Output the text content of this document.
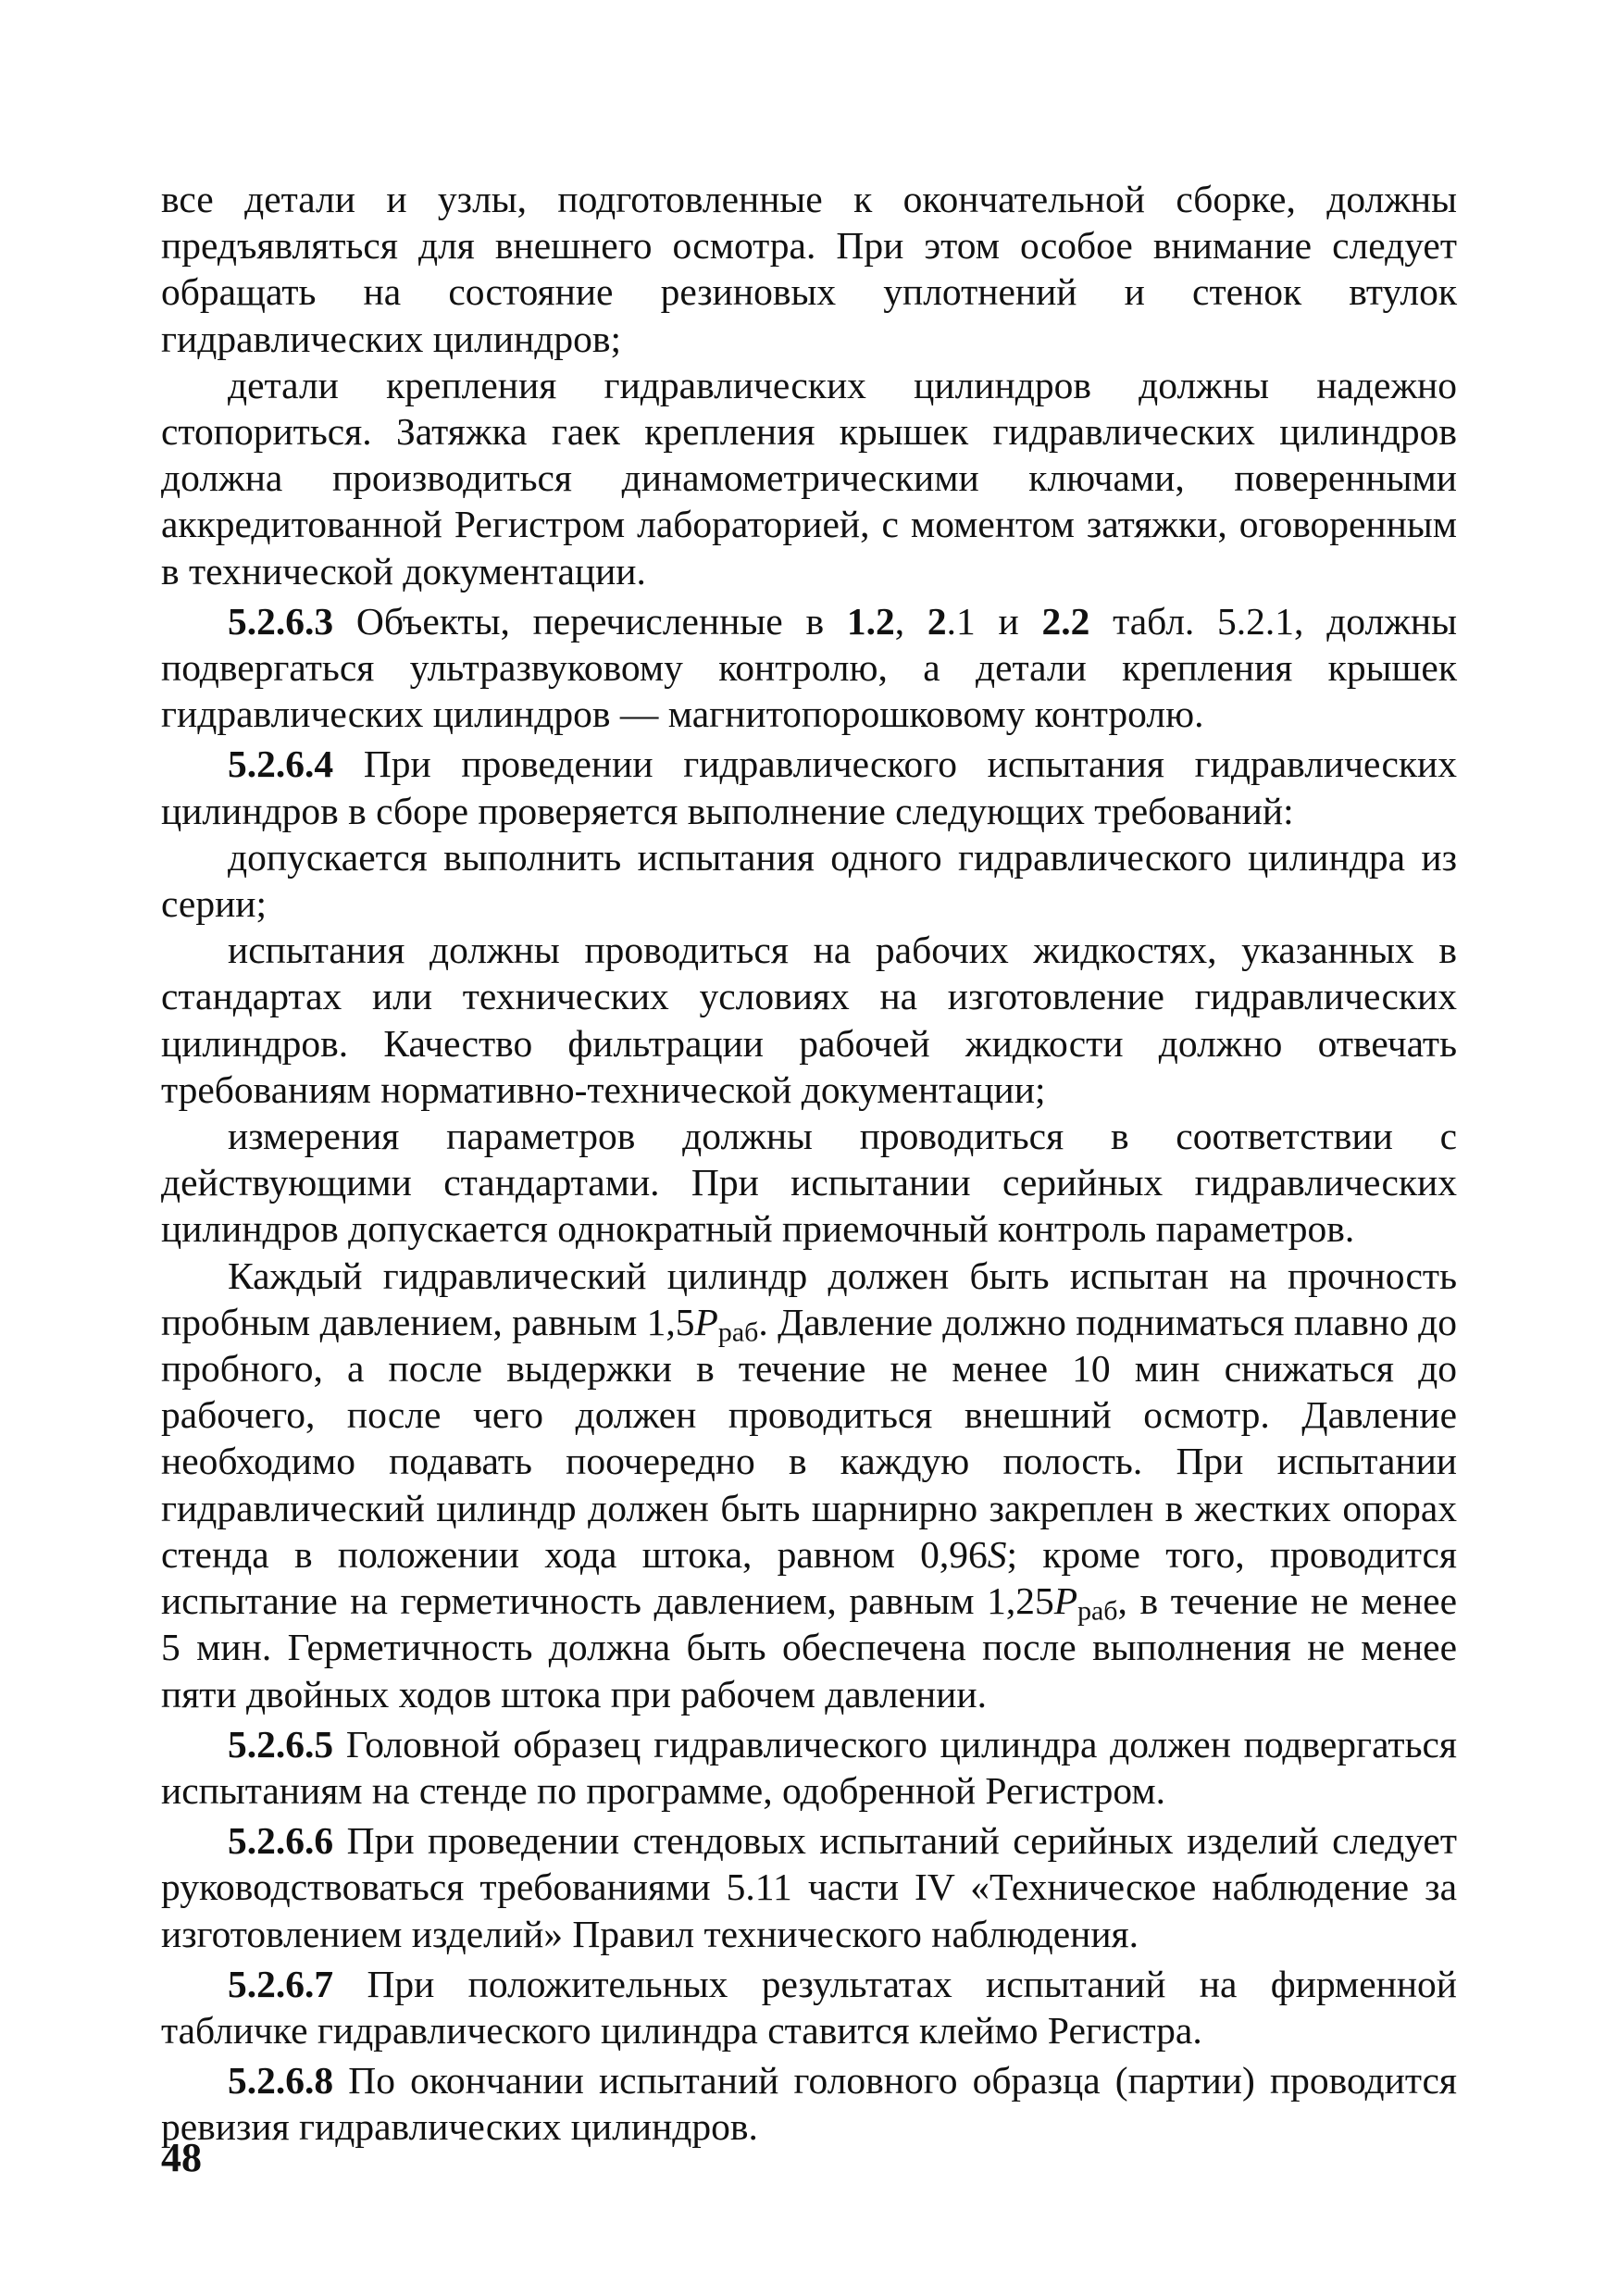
все детали и узлы, подготовленные к окончательной сборке, должны предъявляться для внешнего осмотра. При этом особое внимание следует обращать на состояние резиновых уплотнений и стенок втулок гидравлических цилиндров;

детали крепления гидравлических цилиндров должны надежно стопориться. Затяжка гаек крепления крышек гидравлических цилиндров должна производиться динамометрическими ключами, поверенными аккредитованной Регистром лабораторией, с моментом затяжки, оговоренным в технической документации.

5.2.6.3 Объекты, перечисленные в 1.2, 2.1 и 2.2 табл. 5.2.1, должны подвергаться ультразвуковому контролю, а детали крепления крышек гидравлических цилиндров — магнитопорошковому контролю.

5.2.6.4 При проведении гидравлического испытания гидравлических цилиндров в сборе проверяется выполнение следующих требований:

допускается выполнить испытания одного гидравлического цилиндра из серии;

испытания должны проводиться на рабочих жидкостях, указанных в стандартах или технических условиях на изготовление гидравлических цилиндров. Качество фильтрации рабочей жидкости должно отвечать требованиям нормативно-технической документации;

измерения параметров должны проводиться в соответствии с действующими стандартами. При испытании серийных гидравлических цилиндров допускается однократный приемочный контроль параметров.

Каждый гидравлический цилиндр должен быть испытан на прочность пробным давлением, равным $1,5P_{раб}$. Давление должно подниматься плавно до пробного, а после выдержки в течение не менее 10 мин снижаться до рабочего, после чего должен проводиться внешний осмотр. Давление необходимо подавать поочередно в каждую полость. При испытании гидравлический цилиндр должен быть шарнирно закреплен в жестких опорах стенда в положении хода штока, равном 0,96S; кроме того, проводится испытание на герметичность давлением, равным $1,25P_{раб}$, в течение не менее 5 мин. Герметичность должна быть обеспечена после выполнения не менее пяти двойных ходов штока при рабочем давлении.

5.2.6.5 Головной образец гидравлического цилиндра должен подвергаться испытаниям на стенде по программе, одобренной Регистром.

5.2.6.6 При проведении стендовых испытаний серийных изделий следует руководствоваться требованиями 5.11 части IV «Техническое наблюдение за изготовлением изделий» Правил технического наблюдения.

5.2.6.7 При положительных результатах испытаний на фирменной табличке гидравлического цилиндра ставится клеймо Регистра.

5.2.6.8 По окончании испытаний головного образца (партии) проводится ревизия гидравлических цилиндров.

48
